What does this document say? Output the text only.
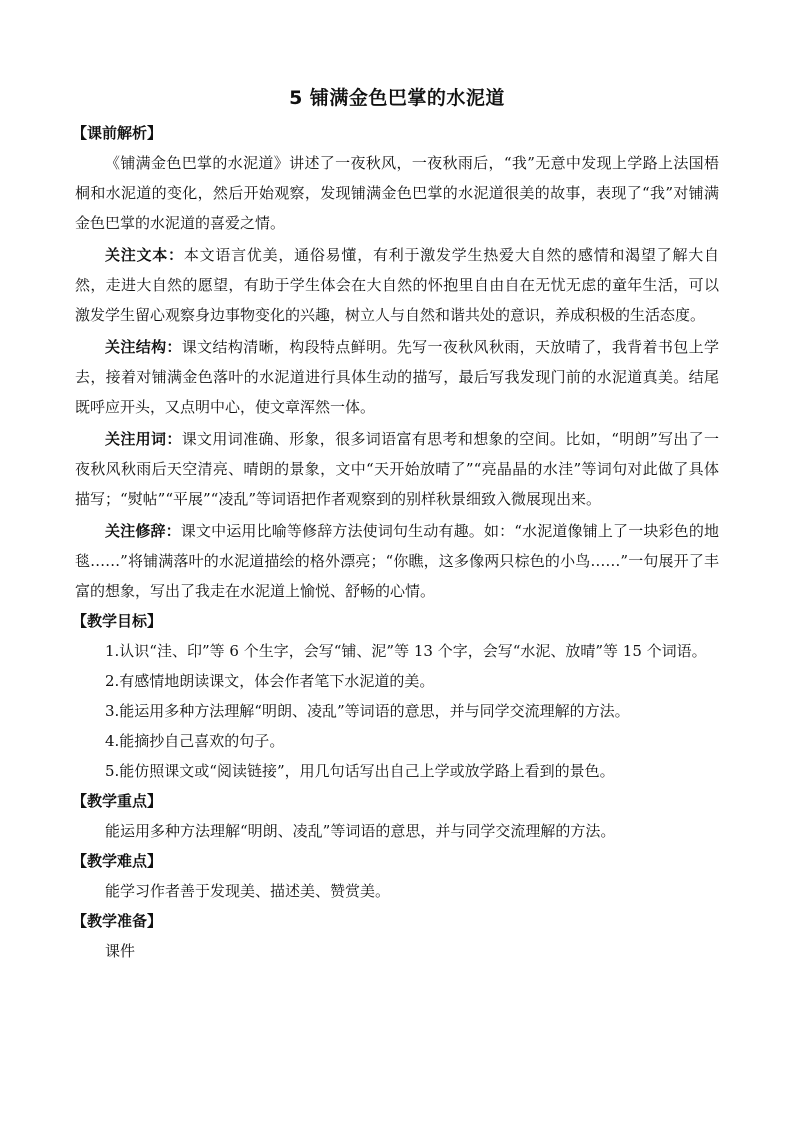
5 铺满金色巴掌的水泥道
【课前解析】

《铺满金色巴掌的水泥道》讲述了一夜秋风，一夜秋雨后，“我”无意中发现上学路上法国梧桐和水泥道的变化，然后开始观察，发现铺满金色巴掌的水泥道很美的故事，表现了“我”对铺满金色巴掌的水泥道的喜爱之情。

关注文本：本文语言优美，通俗易懂，有利于激发学生热爱大自然的感情和渴望了解大自然，走进大自然的愿望，有助于学生体会在大自然的怀抱里自由自在无忧无虑的童年生活，可以激发学生留心观察身边事物变化的兴趣，树立人与自然和谐共处的意识，养成积极的生活态度。

关注结构：课文结构清晰，构段特点鲜明。先写一夜秋风秋雨，天放晴了，我背着书包上学去，接着对铺满金色落叶的水泥道进行具体生动的描写，最后写我发现门前的水泥道真美。结尾既呼应开头，又点明中心，使文章浑然一体。

关注用词：课文用词准确、形象，很多词语富有思考和想象的空间。比如，“明朗”写出了一夜秋风秋雨后天空清亮、晴朗的景象，文中“天开始放晴了”“亮晶晶的水洼”等词句对此做了具体描写；“熨帖”“平展”“凌乱”等词语把作者观察到的别样秋景细致入微展现出来。

关注修辞：课文中运用比喻等修辞方法使词句生动有趣。如：“水泥道像铺上了一块彩色的地毯……”将铺满落叶的水泥道描绘的格外漂亮；“你瞧，这多像两只棕色的小鸟……”一句展开了丰富的想象，写出了我走在水泥道上愉悦、舒畅的心情。

【教学目标】

1.认识“洼、印”等 6 个生字，会写“铺、泥”等 13 个字，会写“水泥、放晴”等 15 个词语。

2.有感情地朗读课文，体会作者笔下水泥道的美。

3.能运用多种方法理解“明朗、凌乱”等词语的意思，并与同学交流理解的方法。

4.能摘抄自己喜欢的句子。

5.能仿照课文或“阅读链接”，用几句话写出自己上学或放学路上看到的景色。

【教学重点】

能运用多种方法理解“明朗、凌乱”等词语的意思，并与同学交流理解的方法。

【教学难点】

能学习作者善于发现美、描述美、赞赏美。

【教学准备】

课件
